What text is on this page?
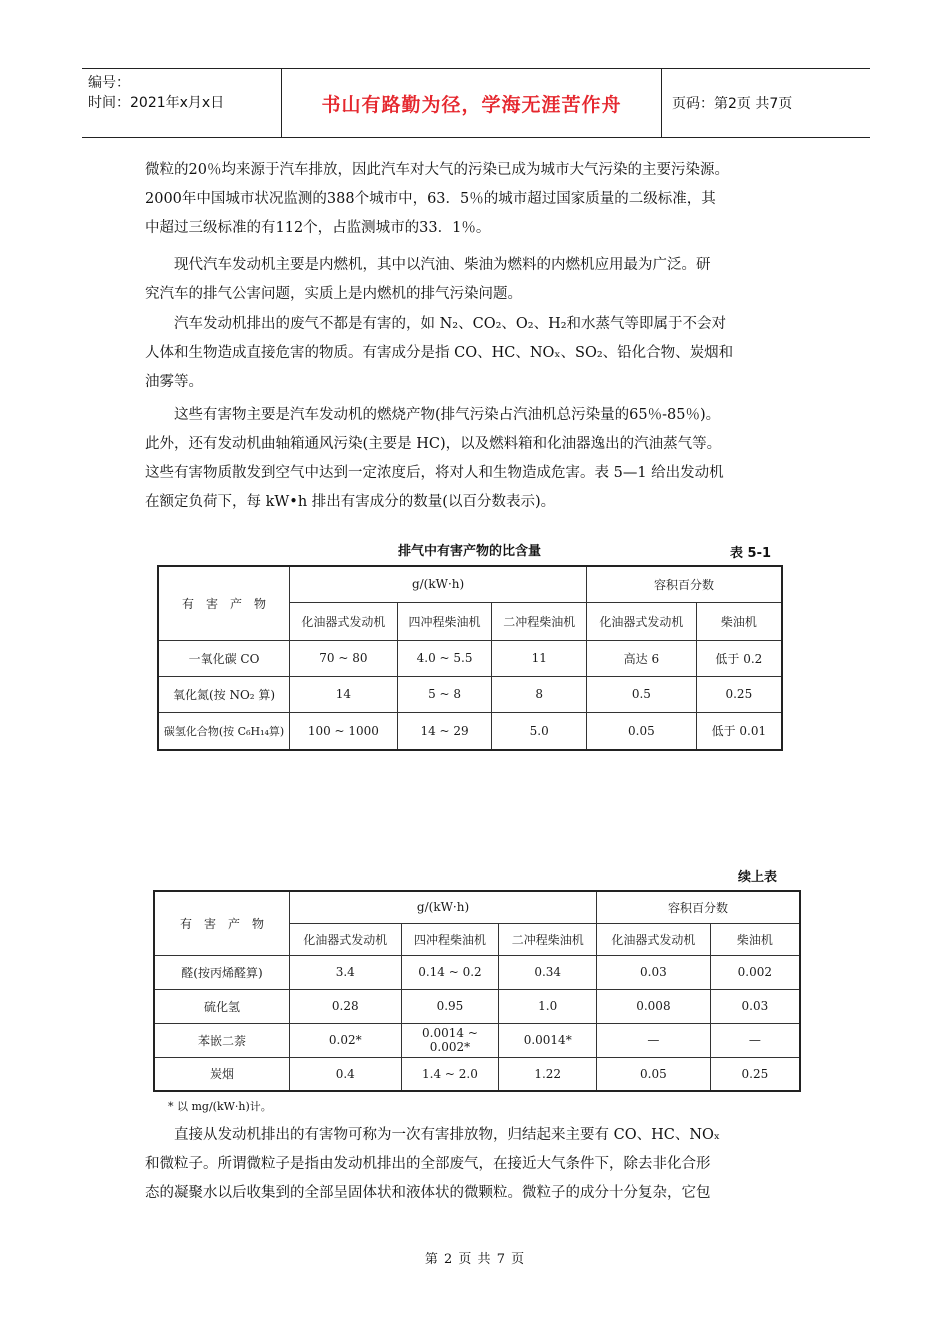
编号：
时间：2021年x月x日	书山有路勤为径，学海无涯苦作舟	页码：第2页 共7页

微粒的20％均来源于汽车排放，因此汽车对大气的污染已成为城市大气污染的主要污染源。
2000年中国城市状况监测的388个城市中，63．5％的城市超过国家质量的二级标准，其
中超过三级标准的有112个，占监测城市的33．1％。

　　现代汽车发动机主要是内燃机，其中以汽油、柴油为燃料的内燃机应用最为广泛。研
究汽车的排气公害问题，实质上是内燃机的排气污染问题。

　　汽车发动机排出的废气不都是有害的，如 N₂、CO₂、O₂、H₂和水蒸气等即属于不会对
人体和生物造成直接危害的物质。有害成分是指 CO、HC、NOₓ、SO₂、铅化合物、炭烟和
油雾等。

　　这些有害物主要是汽车发动机的燃烧产物(排气污染占汽油机总污染量的65％-85％)。
此外，还有发动机曲轴箱通风污染(主要是 HC)，以及燃料箱和化油器逸出的汽油蒸气等。
这些有害物质散发到空气中达到一定浓度后，将对人和生物造成危害。表 5—1 给出发动机
在额定负荷下，每 kW•h 排出有害成分的数量(以百分数表示)。

排气中有害产物的比含量	表 5-1
有　害　产　物	g/(kW·h)			容积百分数	
	化油器式发动机	四冲程柴油机	二冲程柴油机	化油器式发动机	柴油机
一氧化碳 CO	70 ~ 80	4.0 ~ 5.5	11	高达 6	低于 0.2
氧化氮(按 NO₂ 算)	14	5 ~ 8	8	0.5	0.25
碳氢化合物(按 C₆H₁₄算)	100 ~ 1000	14 ~ 29	5.0	0.05	低于 0.01
续上表
有　害　产　物	g/(kW·h)			容积百分数	
	化油器式发动机	四冲程柴油机	二冲程柴油机	化油器式发动机	柴油机
醛(按丙烯醛算)	3.4	0.14 ~ 0.2	0.34	0.03	0.002
硫化氢	0.28	0.95	1.0	0.008	0.03
苯嵌二萘	0.02*	0.0014 ~ 0.002*	0.0014*	—	—
炭烟	0.4	1.4 ~ 2.0	1.22	0.05	0.25
* 以 mg/(kW·h)计。

　　直接从发动机排出的有害物可称为一次有害排放物，归结起来主要有 CO、HC、NOₓ
和微粒子。所谓微粒子是指由发动机排出的全部废气，在接近大气条件下，除去非化合形
态的凝聚水以后收集到的全部呈固体状和液体状的微颗粒。微粒子的成分十分复杂，它包

第 2 页 共 7 页
